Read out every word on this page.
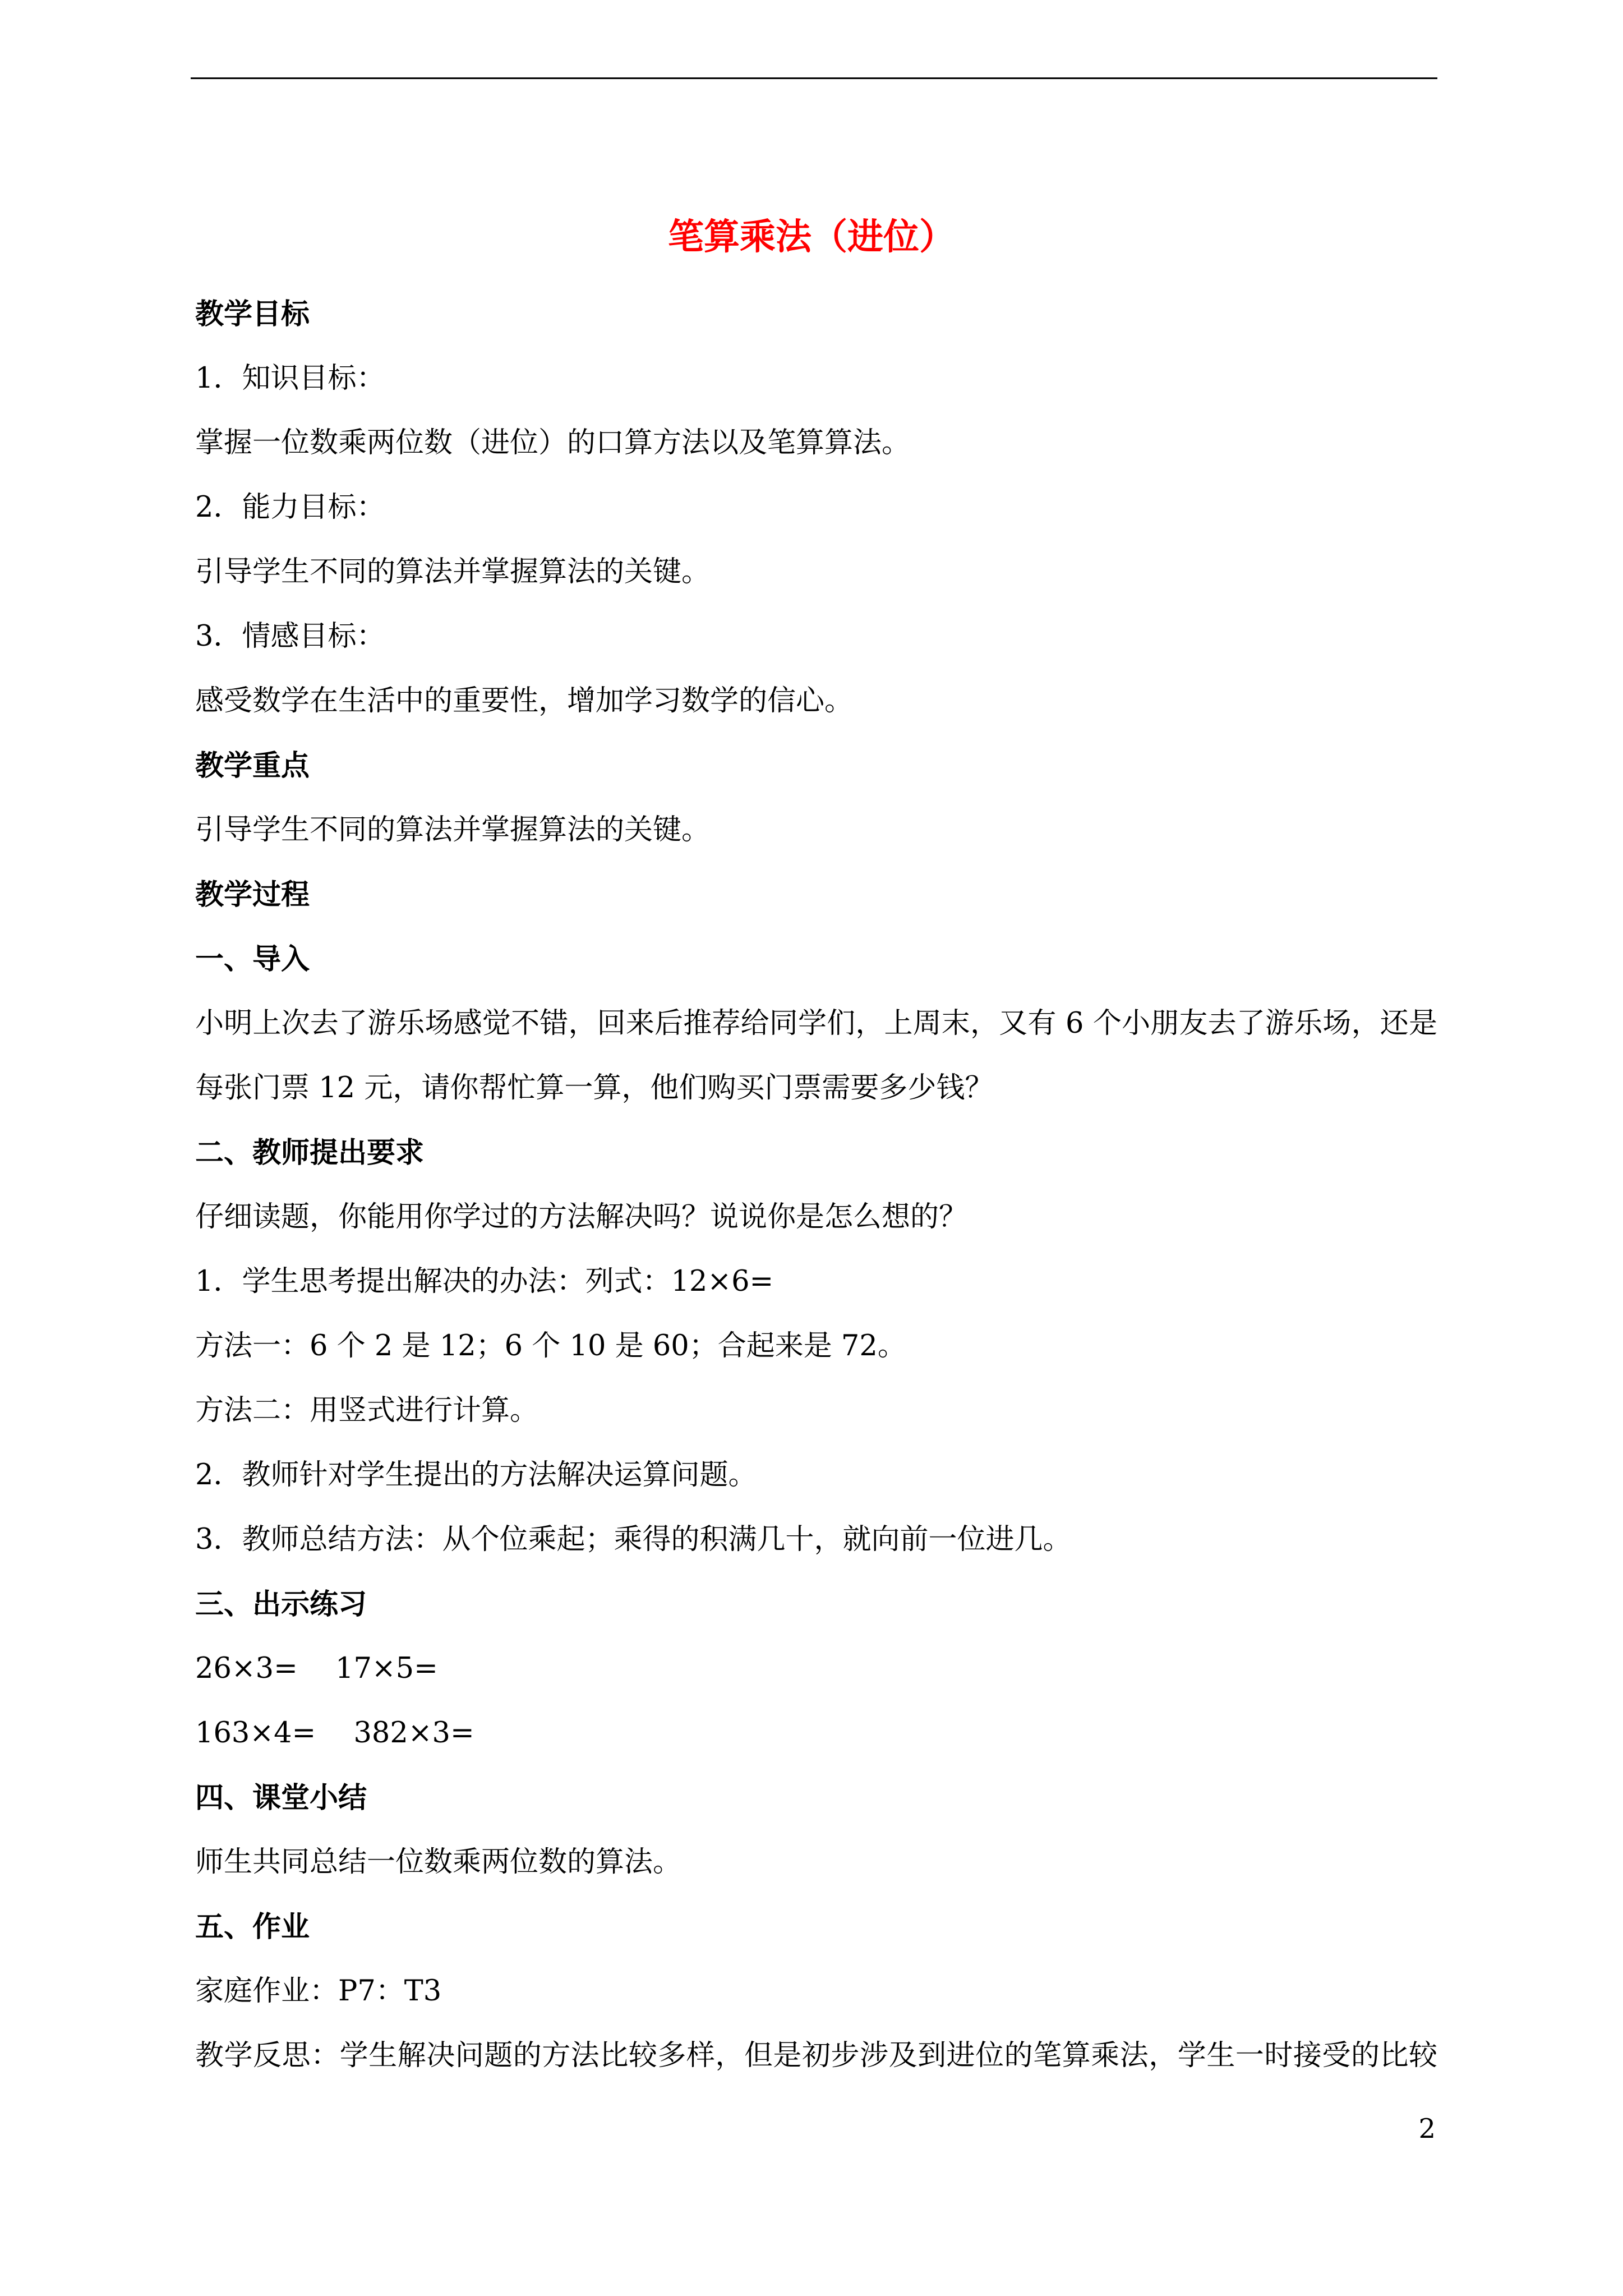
笔算乘法（进位）
教学目标
1．知识目标：
掌握一位数乘两位数（进位）的口算方法以及笔算算法。
2．能力目标：
引导学生不同的算法并掌握算法的关键。
3．情感目标：
感受数学在生活中的重要性，增加学习数学的信心。
教学重点
引导学生不同的算法并掌握算法的关键。
教学过程
一、导入
小明上次去了游乐场感觉不错，回来后推荐给同学们，上周末，又有 6 个小朋友去了游乐场，还是
每张门票 12 元，请你帮忙算一算，他们购买门票需要多少钱？
二、教师提出要求
仔细读题，你能用你学过的方法解决吗？说说你是怎么想的？
1．学生思考提出解决的办法：列式：12×6=
方法一：6 个 2 是 12；6 个 10 是 60；合起来是 72。
方法二：用竖式进行计算。
2．教师针对学生提出的方法解决运算问题。
3．教师总结方法：从个位乘起；乘得的积满几十，就向前一位进几。
三、出示练习
26×3=　 17×5=
163×4=　 382×3=
四、课堂小结
师生共同总结一位数乘两位数的算法。
五、作业
家庭作业：P7：T3
教学反思：学生解决问题的方法比较多样，但是初步涉及到进位的笔算乘法，学生一时接受的比较
2
